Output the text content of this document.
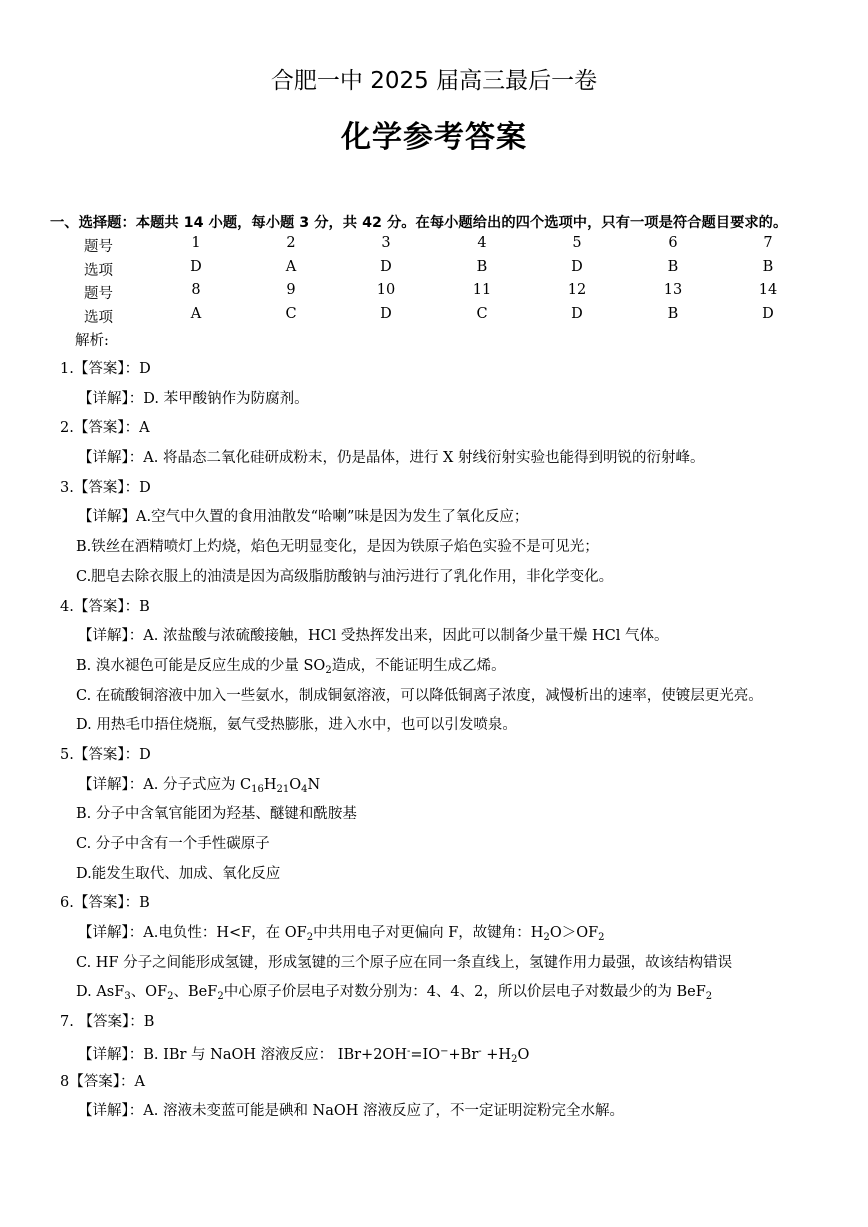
合肥一中 2025 届高三最后一卷
化学参考答案
一、选择题：本题共 14 小题，每小题 3 分，共 42 分。在每小题给出的四个选项中，只有一项是符合题目要求的。
题号	1	2	3	4	5	6	7
选项	D	A	D	B	D	B	B
题号	8	9	10	11	12	13	14
选项	A	C	D	C	D	B	D
解析:
1.【答案】：D
【详解】：D. 苯甲酸钠作为防腐剂。
2.【答案】：A
【详解】：A. 将晶态二氧化硅研成粉末，仍是晶体，进行 X 射线衍射实验也能得到明锐的衍射峰。
3.【答案】：D
【详解】A.空气中久置的食用油散发“哈喇”味是因为发生了氧化反应；
B.铁丝在酒精喷灯上灼烧，焰色无明显变化，是因为铁原子焰色实验不是可见光；
C.肥皂去除衣服上的油渍是因为高级脂肪酸钠与油污进行了乳化作用，非化学变化。
4.【答案】：B
【详解】：A. 浓盐酸与浓硫酸接触，HCl 受热挥发出来，因此可以制备少量干燥 HCl 气体。
B. 溴水褪色可能是反应生成的少量 $SO_2$造成，不能证明生成乙烯。
C. 在硫酸铜溶液中加入一些氨水，制成铜氨溶液，可以降低铜离子浓度，减慢析出的速率，使镀层更光亮。
D. 用热毛巾捂住烧瓶，氨气受热膨胀，进入水中，也可以引发喷泉。
5.【答案】：D
【详解】：A. 分子式应为 $C_{16}H_{21}O_4N$
B. 分子中含氧官能团为羟基、醚键和酰胺基
C. 分子中含有一个手性碳原子
D.能发生取代、加成、氧化反应
6.【答案】：B
【详解】：A.电负性：H<F，在 $OF_2$中共用电子对更偏向 F，故键角：$H_2O>OF_2$
C. HF 分子之间能形成氢键，形成氢键的三个原子应在同一条直线上，氢键作用力最强，故该结构错误
D. AsF$_3$、$OF_2$、BeF$_2$中心原子价层电子对数分别为：4、4、2，所以价层电子对数最少的为 BeF$_2$
7. 【答案】：B
【详解】：B. IBr 与 NaOH 溶液反应： $IBr+2OH^-=IO^-+Br^- +H_2O$
8【答案】：A
【详解】：A. 溶液未变蓝可能是碘和 NaOH 溶液反应了，不一定证明淀粉完全水解。
